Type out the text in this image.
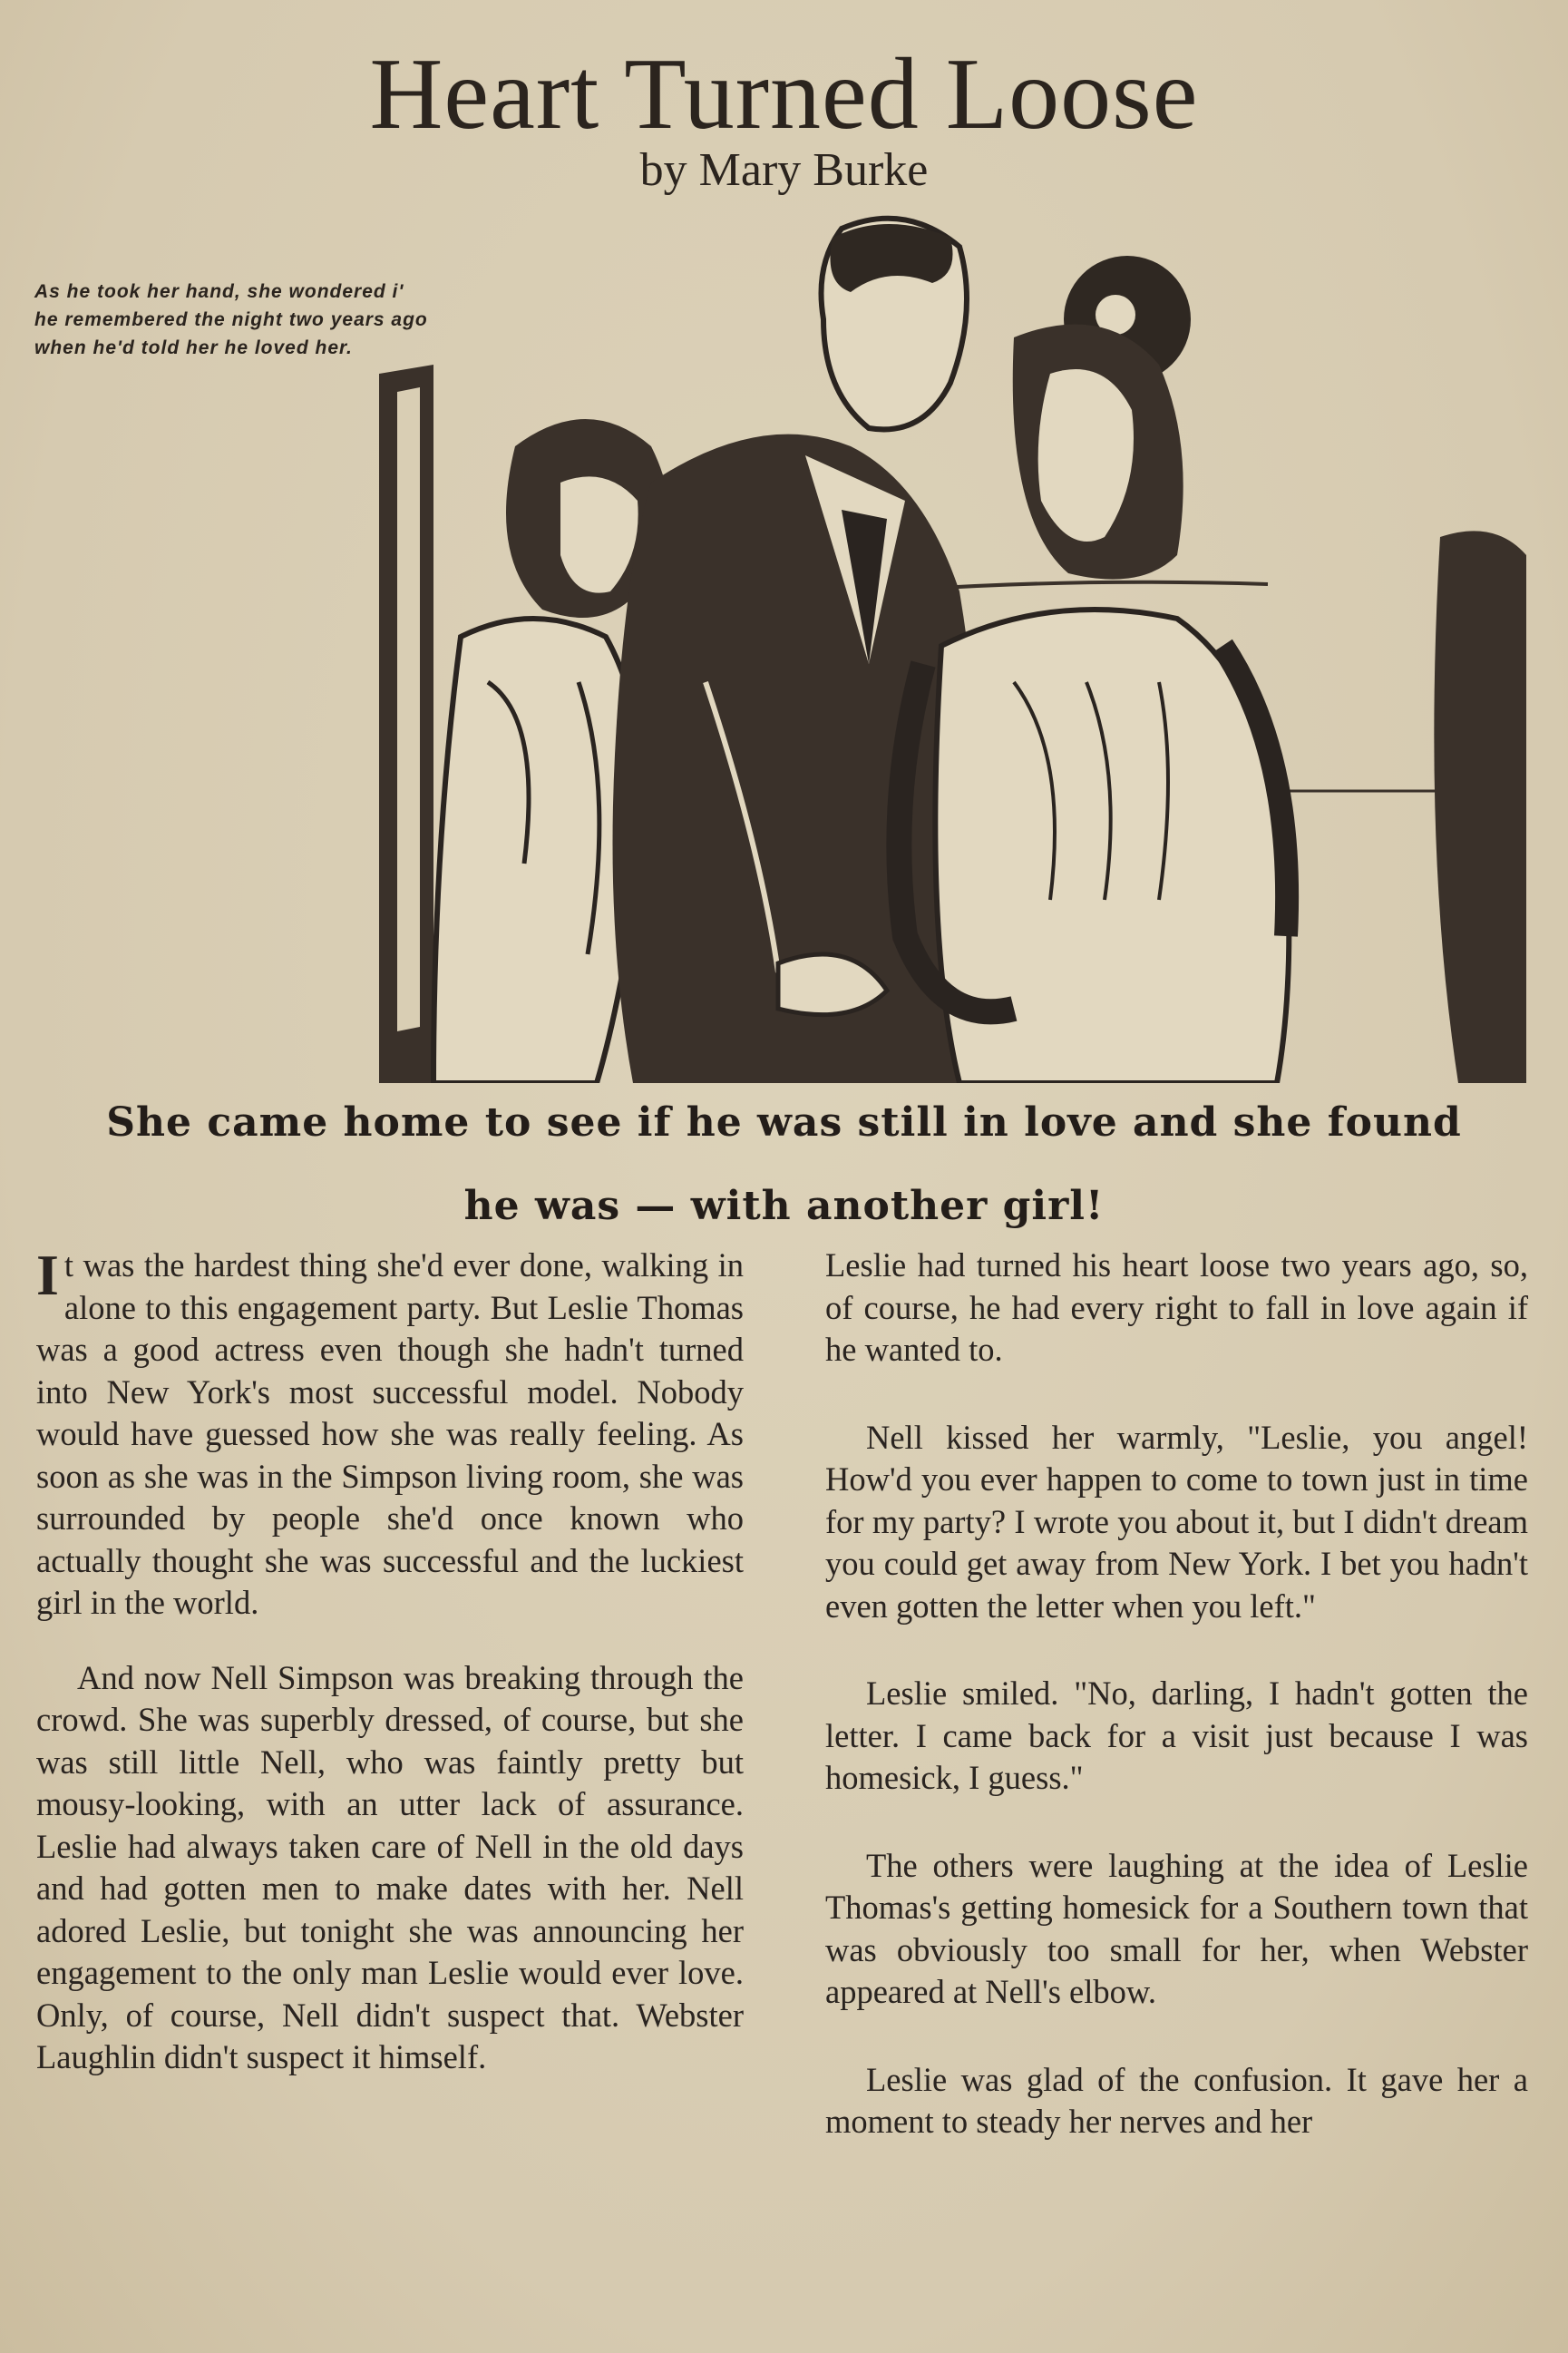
Heart Turned Loose
by Mary Burke
As he took her hand, she wondered i'
he remembered the night two years ago
when he'd told her he loved her.
She came home to see if he was still in love and she found
he was — with another girl!

It was the hardest thing she'd ever done, walking in alone to this engagement party. But Leslie Thomas was a good actress even though she hadn't turned into New York's most successful model. Nobody would have guessed how she was really feeling. As soon as she was in the Simpson living room, she was surrounded by people she'd once known who actually thought she was successful and the luckiest girl in the world.

And now Nell Simpson was breaking through the crowd. She was superbly dressed, of course, but she was still little Nell, who was faintly pretty but mousy-looking, with an utter lack of assurance. Leslie had always taken care of Nell in the old days and had gotten men to make dates with her. Nell adored Leslie, but tonight she was announcing her engagement to the only man Leslie would ever love. Only, of course, Nell didn't suspect that. Webster Laughlin didn't suspect it himself.

Leslie had turned his heart loose two years ago, so, of course, he had every right to fall in love again if he wanted to.

Nell kissed her warmly, "Leslie, you angel! How'd you ever happen to come to town just in time for my party? I wrote you about it, but I didn't dream you could get away from New York. I bet you hadn't even gotten the letter when you left."

Leslie smiled. "No, darling, I hadn't gotten the letter. I came back for a visit just because I was homesick, I guess."

The others were laughing at the idea of Leslie Thomas's getting homesick for a Southern town that was obviously too small for her, when Webster appeared at Nell's elbow.

Leslie was glad of the confusion. It gave her a moment to steady her nerves and her
